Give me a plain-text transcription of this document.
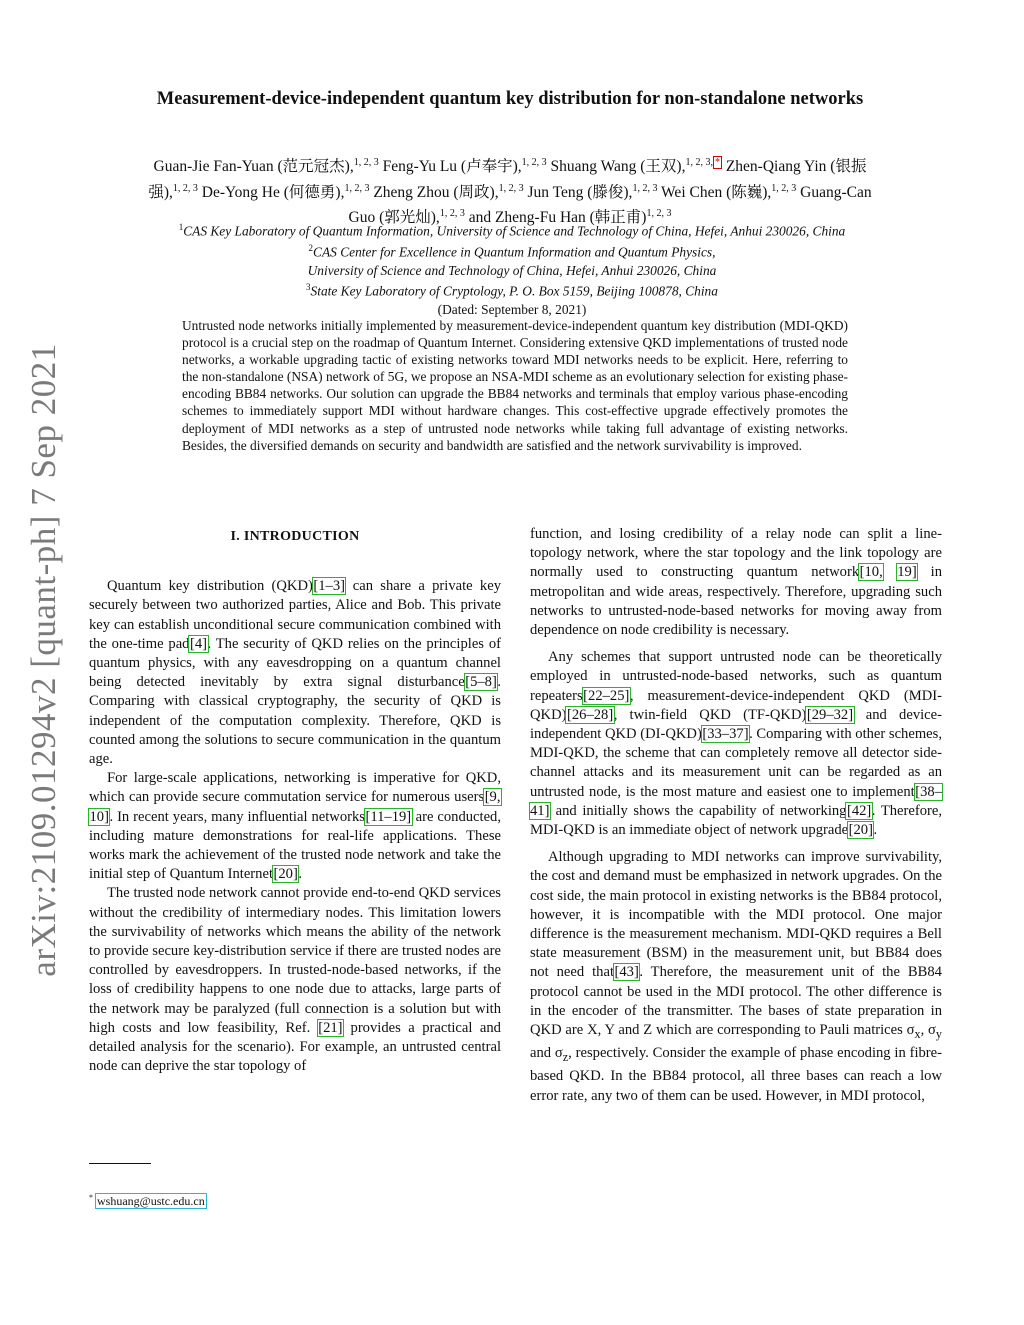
arXiv:2109.01294v2 [quant-ph] 7 Sep 2021
Measurement-device-independent quantum key distribution for non-standalone networks
Guan-Jie Fan-Yuan (范元冠杰),$^{1, 2, 3}$ Feng-Yu Lu (卢奉宇),$^{1, 2, 3}$ Shuang Wang (王双),$^{1, 2, 3,}$ * Zhen-Qiang Yin (银振强),$^{1, 2, 3}$ De-Yong He (何德勇),$^{1, 2, 3}$ Zheng Zhou (周政),$^{1, 2, 3}$ Jun Teng (滕俊),$^{1, 2, 3}$ Wei Chen (陈巍),$^{1, 2, 3}$ Guang-Can Guo (郭光灿),$^{1, 2, 3}$ and Zheng-Fu Han (韩正甫)$^{1, 2, 3}$
$^1$CAS Key Laboratory of Quantum Information, University of Science and Technology of China, Hefei, Anhui 230026, China
$^2$CAS Center for Excellence in Quantum Information and Quantum Physics,
University of Science and Technology of China, Hefei, Anhui 230026, China
$^3$State Key Laboratory of Cryptology, P. O. Box 5159, Beijing 100878, China
(Dated: September 8, 2021)
Untrusted node networks initially implemented by measurement-device-independent quantum key distribution (MDI-QKD) protocol is a crucial step on the roadmap of Quantum Internet. Considering extensive QKD implementations of trusted node networks, a workable upgrading tactic of existing networks toward MDI networks needs to be explicit. Here, referring to the non-standalone (NSA) network of 5G, we propose an NSA-MDI scheme as an evolutionary selection for existing phase-encoding BB84 networks. Our solution can upgrade the BB84 networks and terminals that employ various phase-encoding schemes to immediately support MDI without hardware changes. This cost-effective upgrade effectively promotes the deployment of MDI networks as a step of untrusted node networks while taking full advantage of existing networks. Besides, the diversified demands on security and bandwidth are satisfied and the network survivability is improved.
I. INTRODUCTION

Quantum key distribution (QKD)[1–3] can share a private key securely between two authorized parties, Alice and Bob. This private key can establish unconditional secure communication combined with the one-time pad[4]. The security of QKD relies on the principles of quantum physics, with any eavesdropping on a quantum channel being detected inevitably by extra signal disturbance[5–8]. Comparing with classical cryptography, the security of QKD is independent of the computation complexity. Therefore, QKD is counted among the solutions to secure communication in the quantum age.

For large-scale applications, networking is imperative for QKD, which can provide secure commutation service for numerous users[9, 10]. In recent years, many influential networks[11–19] are conducted, including mature demonstrations for real-life applications. These works mark the achievement of the trusted node network and take the initial step of Quantum Internet[20].

The trusted node network cannot provide end-to-end QKD services without the credibility of intermediary nodes. This limitation lowers the survivability of networks which means the ability of the network to provide secure key-distribution service if there are trusted nodes are controlled by eavesdroppers. In trusted-node-based networks, if the loss of credibility happens to one node due to attacks, large parts of the network may be paralyzed (full connection is a solution but with high costs and low feasibility, Ref. [21] provides a practical and detailed analysis for the scenario). For example, an untrusted central node can deprive the star topology of

function, and losing credibility of a relay node can split a line-topology network, where the star topology and the link topology are normally used to constructing quantum network[10, 19] in metropolitan and wide areas, respectively. Therefore, upgrading such networks to untrusted-node-based networks for moving away from dependence on node credibility is necessary.

Any schemes that support untrusted node can be theoretically employed in untrusted-node-based networks, such as quantum repeaters[22–25], measurement-device-independent QKD (MDI-QKD)[26–28], twin-field QKD (TF-QKD)[29–32] and device-independent QKD (DI-QKD)[33–37]. Comparing with other schemes, MDI-QKD, the scheme that can completely remove all detector side-channel attacks and its measurement unit can be regarded as an untrusted node, is the most mature and easiest one to implement[38–41] and initially shows the capability of networking[42]. Therefore, MDI-QKD is an immediate object of network upgrade[20].

Although upgrading to MDI networks can improve survivability, the cost and demand must be emphasized in network upgrades. On the cost side, the main protocol in existing networks is the BB84 protocol, however, it is incompatible with the MDI protocol. One major difference is the measurement mechanism. MDI-QKD requires a Bell state measurement (BSM) in the measurement unit, but BB84 does not need that[43]. Therefore, the measurement unit of the BB84 protocol cannot be used in the MDI protocol. The other difference is in the encoder of the transmitter. The bases of state preparation in QKD are X, Y and Z which are corresponding to Pauli matrices $\sigma_x$, $\sigma_y$ and $\sigma_z$, respectively. Consider the example of phase encoding in fibre-based QKD. In the BB84 protocol, all three bases can reach a low error rate, any two of them can be used. However, in MDI protocol,

* wshuang@ustc.edu.cn
